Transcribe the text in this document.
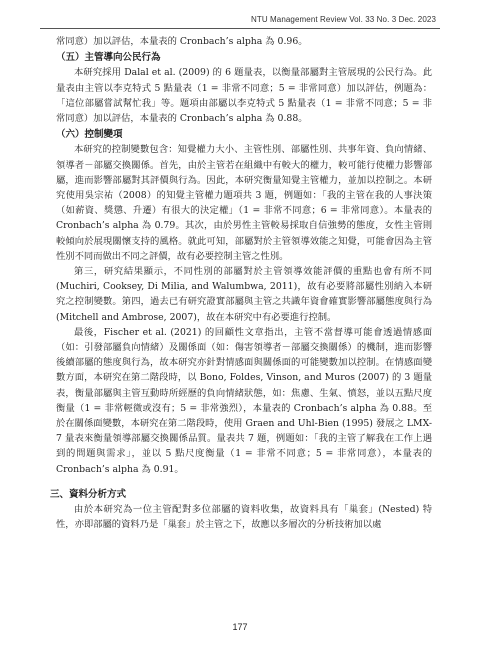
NTU Management Review Vol. 33 No. 3 Dec. 2023

常同意）加以評估，本量表的 Cronbach’s alpha 為 0.96。

（五）主管導向公民行為

本研究採用 Dalal et al. (2009) 的 6 題量表，以衡量部屬對主管展現的公民行為。此量表由主管以李克特式 5 點量表（1 = 非常不同意；5 = 非常同意）加以評估，例題為：「這位部屬嘗試幫忙我」等。題項由部屬以李克特式 5 點量表（1 = 非常不同意；5 = 非常同意）加以評估，本量表的 Cronbach’s alpha 為 0.88。

（六）控制變項

本研究的控制變數包含：知覺權力大小、主管性別、部屬性別、共事年資、負向情緒、領導者－部屬交換關係。首先，由於主管若在組織中有較大的權力，較可能行使權力影響部屬，進而影響部屬對其評價與行為。因此，本研究衡量知覺主管權力，並加以控制之。本研究使用吳宗祐（2008）的知覺主管權力題項共 3 題，例題如：「我的主管在我的人事決策（如薪資、獎懲、升遷）有很大的決定權」（1 = 非常不同意；6 = 非常同意）。本量表的 Cronbach’s alpha 為 0.79。其次，由於男性主管較易採取自信強勢的態度，女性主管則較傾向於展現關懷支持的風格。就此可知，部屬對於主管領導效能之知覺，可能會因為主管性別不同而做出不同之評價，故有必要控制主管之性別。

第三，研究結果顯示，不同性別的部屬對於主管領導效能評價的重點也會有所不同 (Muchiri, Cooksey, Di Milia, and Walumbwa, 2011)，故有必要將部屬性別納入本研究之控制變數。第四，過去已有研究證實部屬與主管之共識年資會確實影響部屬態度與行為 (Mitchell and Ambrose, 2007)，故在本研究中有必要進行控制。

最後，Fischer et al. (2021) 的回顧性文章指出，主管不當督導可能會透過情感面（如：引發部屬負向情緒）及關係面（如：傷害領導者－部屬交換關係）的機制，進而影響後續部屬的態度與行為，故本研究亦針對情感面與關係面的可能變數加以控制。在情感面變數方面，本研究在第二階段時，以 Bono, Foldes, Vinson, and Muros (2007) 的 3 題量表，衡量部屬與主管互動時所經歷的負向情緒狀態，如：焦慮、生氣、憤怒，並以五點尺度衡量（1 = 非常輕微或沒有；5 = 非常強烈），本量表的 Cronbach’s alpha 為 0.88。至於在關係面變數，本研究在第二階段時，使用 Graen and Uhl-Bien (1995) 發展之 LMX-7 量表來衡量領導部屬交換關係品質。量表共 7 題，例題如：「我的主管了解我在工作上遇到的問題與需求」，並以 5 點尺度衡量（1 = 非常不同意；5 = 非常同意），本量表的 Cronbach’s alpha 為 0.91。

三、資料分析方式

由於本研究為一位主管配對多位部屬的資料收集，故資料具有「巢套」(Nested) 特性，亦即部屬的資料乃是「巢套」於主管之下，故應以多層次的分析技術加以處

177
